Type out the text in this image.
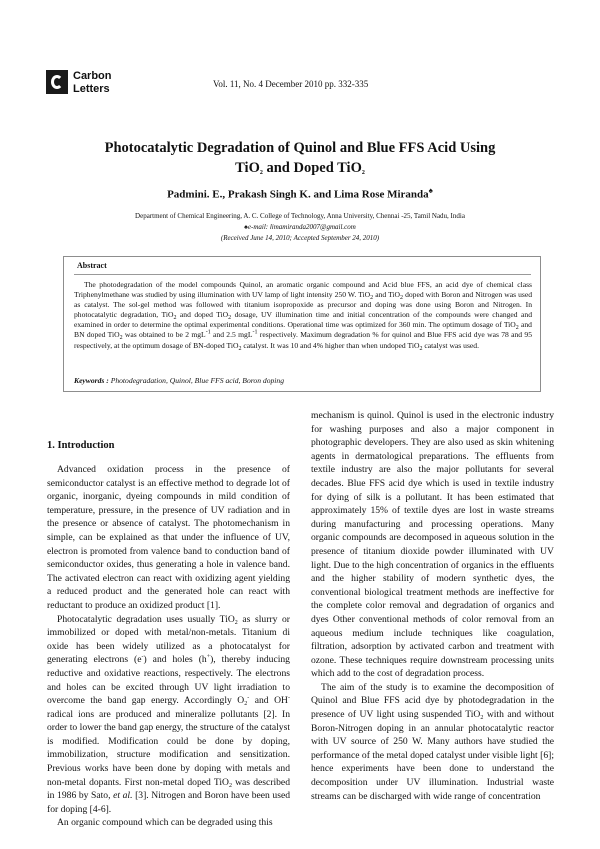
Carbon
Letters	Vol. 11, No. 4 December 2010 pp. 332-335
Photocatalytic Degradation of Quinol and Blue FFS Acid Using
TiO$_2$ and Doped TiO$_2$
Padmini. E., Prakash Singh K. and Lima Rose Miranda♠
Department of Chemical Engineering, A. C. College of Technology, Anna University, Chennai -25, Tamil Nadu, India
♠e-mail: limamiranda2007@gmail.com
(Received June 14, 2010; Accepted September 24, 2010)
Abstract
The photodegradation of the model compounds Quinol, an aromatic organic compound and Acid blue FFS, an acid dye of chemical class Triphenylmethane was studied by using illumination with UV lamp of light intensity 250 W. TiO$_2$ and TiO$_2$ doped with Boron and Nitrogen was used as catalyst. The sol-gel method was followed with titanium isopropoxide as precursor and doping was done using Boron and Nitrogen. In photocatalytic degradation, TiO$_2$ and doped TiO$_2$ dosage, UV illumination time and initial concentration of the compounds were changed and examined in order to determine the optimal experimental conditions. Operational time was optimized for 360 min. The optimum dosage of TiO$_2$ and BN doped TiO$_2$ was obtained to be 2 mgL$^{-1}$ and 2.5 mgL$^{-1}$ respectively. Maximum degradation % for quinol and Blue FFS acid dye was 78 and 95 respectively, at the optimum dosage of BN-doped TiO$_2$ catalyst. It was 10 and 4% higher than when undoped TiO$_2$ catalyst was used.
Keywords : Photodegradation, Quinol, Blue FFS acid, Boron doping
1. Introduction

Advanced oxidation process in the presence of semiconductor catalyst is an effective method to degrade lot of organic, inorganic, dyeing compounds in mild condition of temperature, pressure, in the presence of UV radiation and in the presence or absence of catalyst. The photomechanism in simple, can be explained as that under the influence of UV, electron is promoted from valence band to conduction band of semiconductor oxides, thus generating a hole in valence band. The activated electron can react with oxidizing agent yielding a reduced product and the generated hole can react with reductant to produce an oxidized product [1].

Photocatalytic degradation uses usually TiO$_2$ as slurry or immobilized or doped with metal/non-metals. Titanium di oxide has been widely utilized as a photocatalyst for generating electrons (e-) and holes (h+), thereby inducing reductive and oxidative reactions, respectively. The electrons and holes can be excited through UV light irradiation to overcome the band gap energy. Accordingly $O_2^-$ and OH- radical ions are produced and mineralize pollutants [2]. In order to lower the band gap energy, the structure of the catalyst is modified. Modification could be done by doping, immobilization, structure modification and sensitization. Previous works have been done by doping with metals and non-metal dopants. First non-metal doped TiO$_2$ was described in 1986 by Sato, et al. [3]. Nitrogen and Boron have been used for doping [4-6].

An organic compound which can be degraded using this

mechanism is quinol. Quinol is used in the electronic industry for washing purposes and also a major component in photographic developers. They are also used as skin whitening agents in dermatological preparations. The effluents from textile industry are also the major pollutants for several decades. Blue FFS acid dye which is used in textile industry for dying of silk is a pollutant. It has been estimated that approximately 15% of textile dyes are lost in waste streams during manufacturing and processing operations. Many organic compounds are decomposed in aqueous solution in the presence of titanium dioxide powder illuminated with UV light. Due to the high concentration of organics in the effluents and the higher stability of modern synthetic dyes, the conventional biological treatment methods are ineffective for the complete color removal and degradation of organics and dyes Other conventional methods of color removal from an aqueous medium include techniques like coagulation, filtration, adsorption by activated carbon and treatment with ozone. These techniques require downstream processing units which add to the cost of degradation process.

The aim of the study is to examine the decomposition of Quinol and Blue FFS acid dye by photodegradation in the presence of UV light using suspended TiO$_2$ with and without Boron-Nitrogen doping in an annular photocatalytic reactor with UV source of 250 W. Many authors have studied the performance of the metal doped catalyst under visible light [6]; hence experiments have been done to understand the decomposition under UV illumination. Industrial waste streams can be discharged with wide range of concentration
